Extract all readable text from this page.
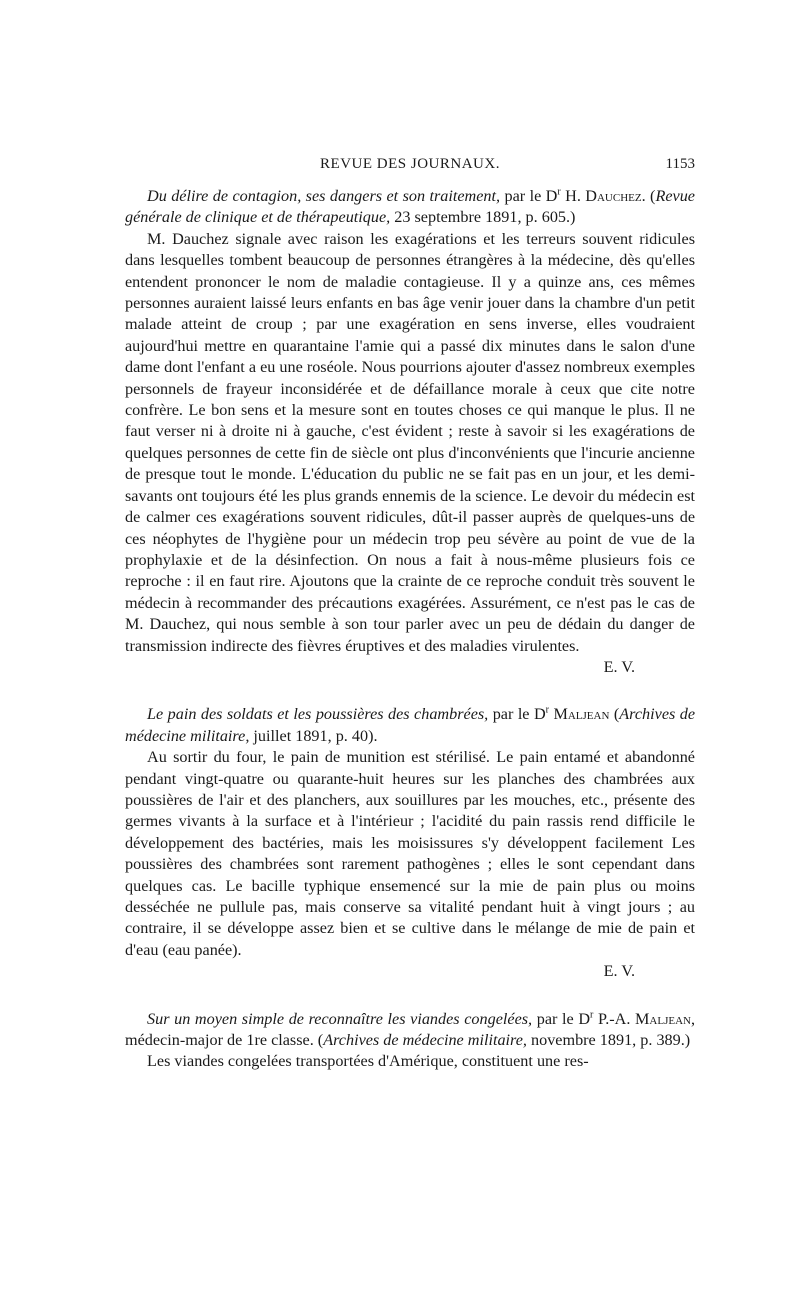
REVUE DES JOURNAUX.	1153

Du délire de contagion, ses dangers et son traitement, par le $D^r$ H. Dauchez. (Revue générale de clinique et de thérapeutique, 23 septembre 1891, p. 605.)

M. Dauchez signale avec raison les exagérations et les terreurs souvent ridicules dans lesquelles tombent beaucoup de personnes étrangères à la médecine, dès qu'elles entendent prononcer le nom de maladie contagieuse. Il y a quinze ans, ces mêmes personnes auraient laissé leurs enfants en bas âge venir jouer dans la chambre d'un petit malade atteint de croup ; par une exagération en sens inverse, elles voudraient aujourd'hui mettre en quarantaine l'amie qui a passé dix minutes dans le salon d'une dame dont l'enfant a eu une roséole. Nous pourrions ajouter d'assez nombreux exemples personnels de frayeur inconsidérée et de défaillance morale à ceux que cite notre confrère. Le bon sens et la mesure sont en toutes choses ce qui manque le plus. Il ne faut verser ni à droite ni à gauche, c'est évident ; reste à savoir si les exagérations de quelques personnes de cette fin de siècle ont plus d'inconvénients que l'incurie ancienne de presque tout le monde. L'éducation du public ne se fait pas en un jour, et les demi-savants ont toujours été les plus grands ennemis de la science. Le devoir du médecin est de calmer ces exagérations souvent ridicules, dût-il passer auprès de quelques-uns de ces néophytes de l'hygiène pour un médecin trop peu sévère au point de vue de la prophylaxie et de la désinfection. On nous a fait à nous-même plusieurs fois ce reproche : il en faut rire. Ajoutons que la crainte de ce reproche conduit très souvent le médecin à recommander des précautions exagérées. Assurément, ce n'est pas le cas de M. Dauchez, qui nous semble à son tour parler avec un peu de dédain du danger de transmission indirecte des fièvres éruptives et des maladies virulentes.

E. V.

Le pain des soldats et les poussières des chambrées, par le $D^r$ Maljean (Archives de médecine militaire, juillet 1891, p. 40).

Au sortir du four, le pain de munition est stérilisé. Le pain entamé et abandonné pendant vingt-quatre ou quarante-huit heures sur les planches des chambrées aux poussières de l'air et des planchers, aux souillures par les mouches, etc., présente des germes vivants à la surface et à l'intérieur ; l'acidité du pain rassis rend difficile le développement des bactéries, mais les moisissures s'y développent facilement Les poussières des chambrées sont rarement pathogènes ; elles le sont cependant dans quelques cas. Le bacille typhique ensemencé sur la mie de pain plus ou moins desséchée ne pullule pas, mais conserve sa vitalité pendant huit à vingt jours ; au contraire, il se développe assez bien et se cultive dans le mélange de mie de pain et d'eau (eau panée).

E. V.

Sur un moyen simple de reconnaître les viandes congelées, par le $D^r$ P.-A. Maljean, médecin-major de 1re classe. (Archives de médecine militaire, novembre 1891, p. 389.)

Les viandes congelées transportées d'Amérique, constituent une res-
